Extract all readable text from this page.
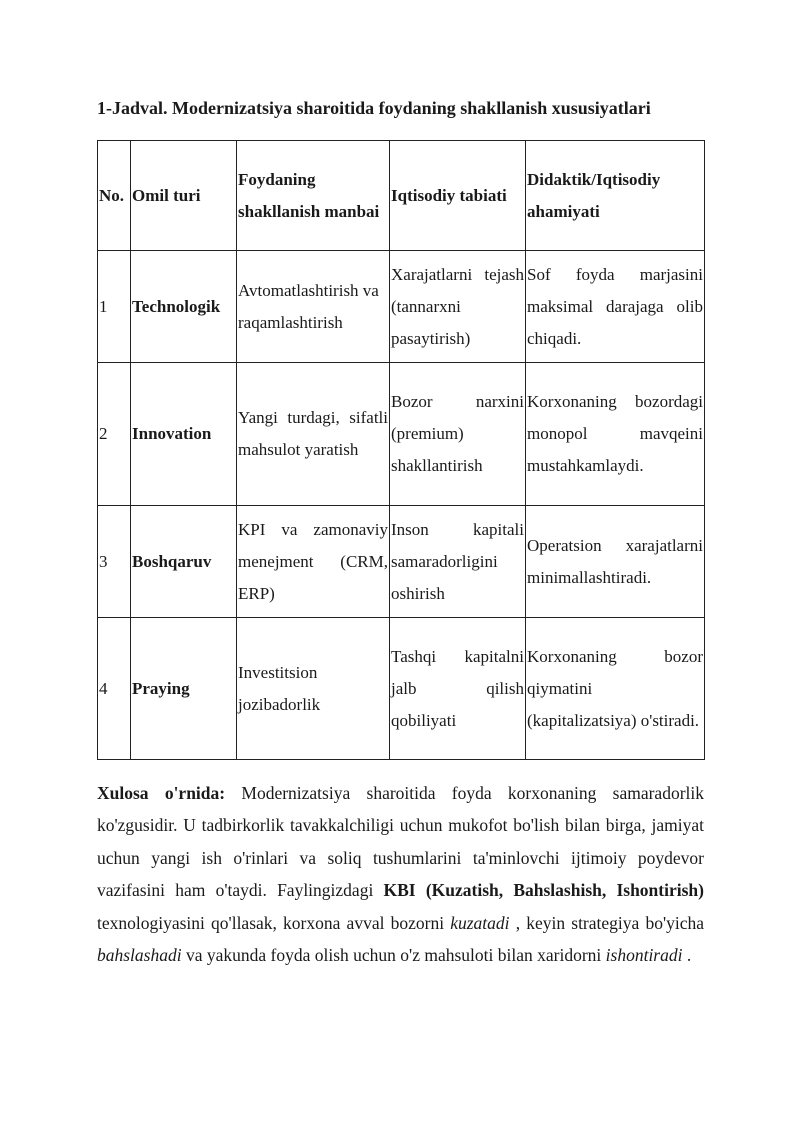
1-Jadval. Modernizatsiya sharoitida foydaning shakllanish xususiyatlari
No.	Omil turi	Foydaning shakllanish manbai	Iqtisodiy tabiati	Didaktik/Iqtisodiy ahamiyati
1	Technologik	Avtomatlashtirish va raqamlashtirish	Xarajatlarni tejash (tannarxni pasaytirish)	Sof foyda marjasini maksimal darajaga olib chiqadi.
2	Innovation	Yangi turdagi, sifatli mahsulot yaratish	Bozor narxini (premium) shakllantirish	Korxonaning bozordagi monopol mavqeini mustahkamlaydi.
3	Boshqaruv	KPI va zamonaviy menejment (CRM, ERP)	Inson kapitali samaradorligini oshirish	Operatsion xarajatlarni minimallashtiradi.
4	Praying	Investitsion jozibadorlik	Tashqi kapitalni jalb qilish qobiliyati	Korxonaning bozor qiymatini (kapitalizatsiya) o'stiradi.

Xulosa o'rnida: Modernizatsiya sharoitida foyda korxonaning samaradorlik ko'zgusidir. U tadbirkorlik tavakkalchiligi uchun mukofot bo'lish bilan birga, jamiyat uchun yangi ish o'rinlari va soliq tushumlarini ta'minlovchi ijtimoiy poydevor vazifasini ham o'taydi. Faylingizdagi KBI (Kuzatish, Bahslashish, Ishontirish) texnologiyasini qo'llasak, korxona avval bozorni kuzatadi , keyin strategiya bo'yicha bahslashadi va yakunda foyda olish uchun o'z mahsuloti bilan xaridorni ishontiradi .
